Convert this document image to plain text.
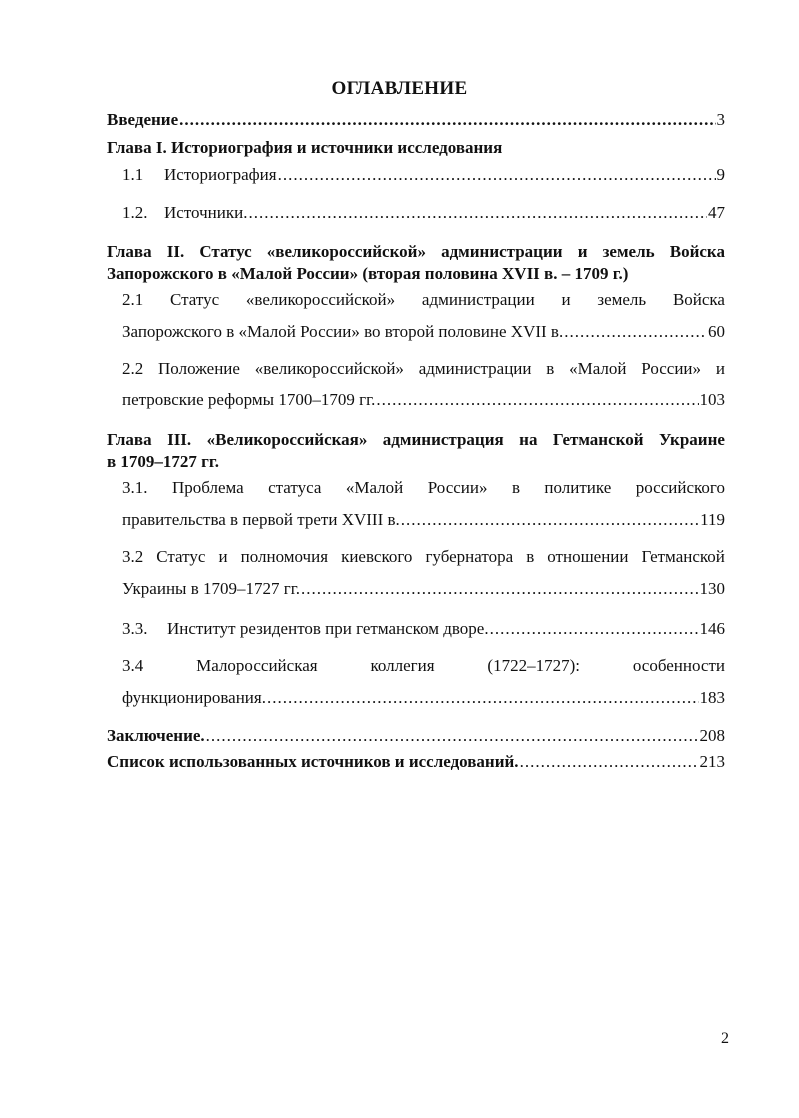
ОГЛАВЛЕНИЕ
Введение .....	3
Глава I. Историография и источники исследования
1.1 Историография .....	9
1.2. Источники. .....	47
Глава II. Статус «великороссийской» администрации и земель Войска
Запорожского в «Малой России» (вторая половина XVII в. – 1709 г.)
2.1 Статус «великороссийской» администрации и земель Войска
Запорожского в «Малой России» во второй половине XVII в. .....	60
2.2 Положение «великороссийской» администрации в «Малой России» и
петровские реформы 1700–1709 гг. .....	103
Глава III. «Великороссийская» администрация на Гетманской Украине
в 1709–1727 гг.
3.1. Проблема статуса «Малой России» в политике российского
правительства в первой трети XVIII в. .....	119
3.2 Статус и полномочия киевского губернатора в отношении Гетманской
Украины в 1709–1727 гг. .....	130
3.3. Институт резидентов при гетманском дворе. .....	146
3.4	Малороссийская	коллегия	(1722–1727):	особенности
функционирования. .....	183
Заключение. .....	208
Список использованных источников и исследований. .....	213
2
